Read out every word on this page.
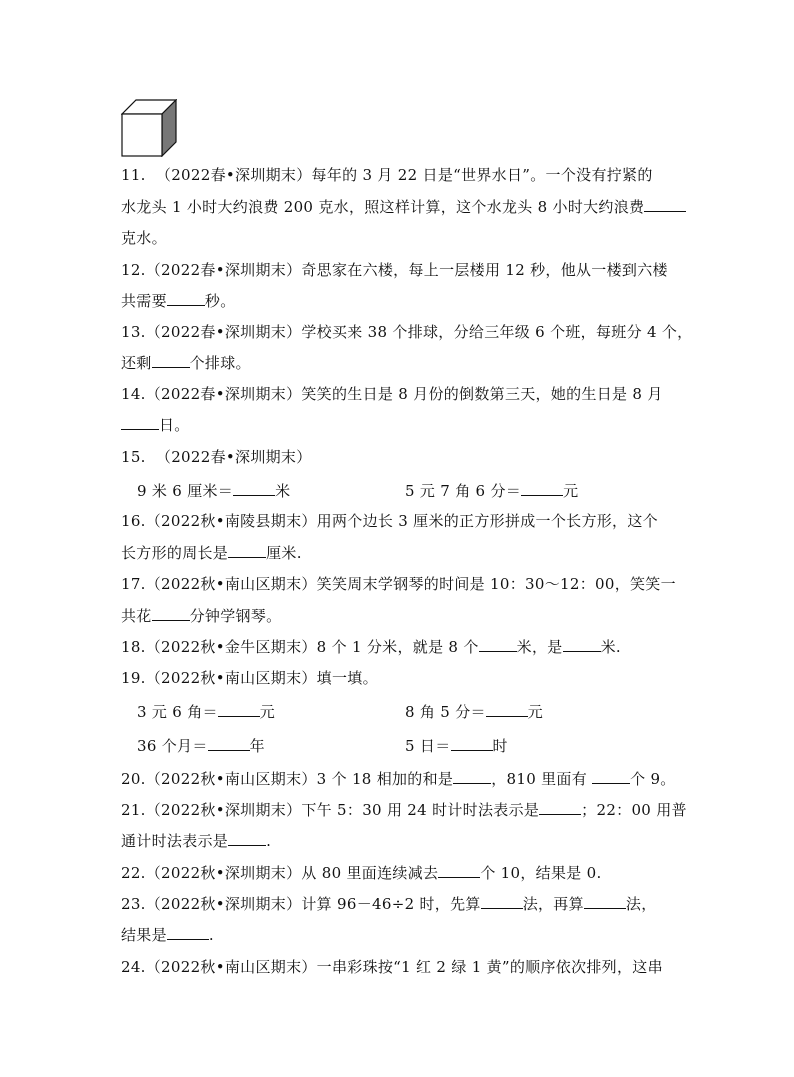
11.  （2022春•深圳期末）每年的 3 月 22 日是“世界水日”。一个没有拧紧的
水龙头 1 小时大约浪费 200 克水，照这样计算，这个水龙头 8 小时大约浪费
克水。
12.（2022春•深圳期末）奇思家在六楼，每上一层楼用 12 秒，他从一楼到六楼
共需要	秒。
13.（2022春•深圳期末）学校买来 38 个排球，分给三年级 6 个班，每班分 4 个，
还剩	个排球。
14.（2022春•深圳期末）笑笑的生日是 8 月份的倒数第三天，她的生日是 8 月
日。
15.  （2022春•深圳期末）
9 米 6 厘米＝	米	5 元 7 角 6 分＝	元
16.（2022秋•南陵县期末）用两个边长 3 厘米的正方形拼成一个长方形，这个
长方形的周长是	厘米.
17.（2022秋•南山区期末）笑笑周末学钢琴的时间是 10：30～12：00，笑笑一
共花	分钟学钢琴。
18.（2022秋•金牛区期末）8 个 1 分米，就是 8 个	米，是	米.
19.（2022秋•南山区期末）填一填。
3 元 6 角＝	元	8 角 5 分＝	元
36 个月＝	年	5 日＝	时
20.（2022秋•南山区期末）3 个 18 相加的和是	，810 里面有	个 9。
21.（2022秋•深圳期末）下午 5：30 用 24 时计时法表示是	；22：00 用普
通计时法表示是	.
22.（2022秋•深圳期末）从 80 里面连续减去	个 10，结果是 0.
23.（2022秋•深圳期末）计算 96－46÷2 时，先算	法，再算	法，
结果是	.
24.（2022秋•南山区期末）一串彩珠按“1 红 2 绿 1 黄”的顺序依次排列，这串
